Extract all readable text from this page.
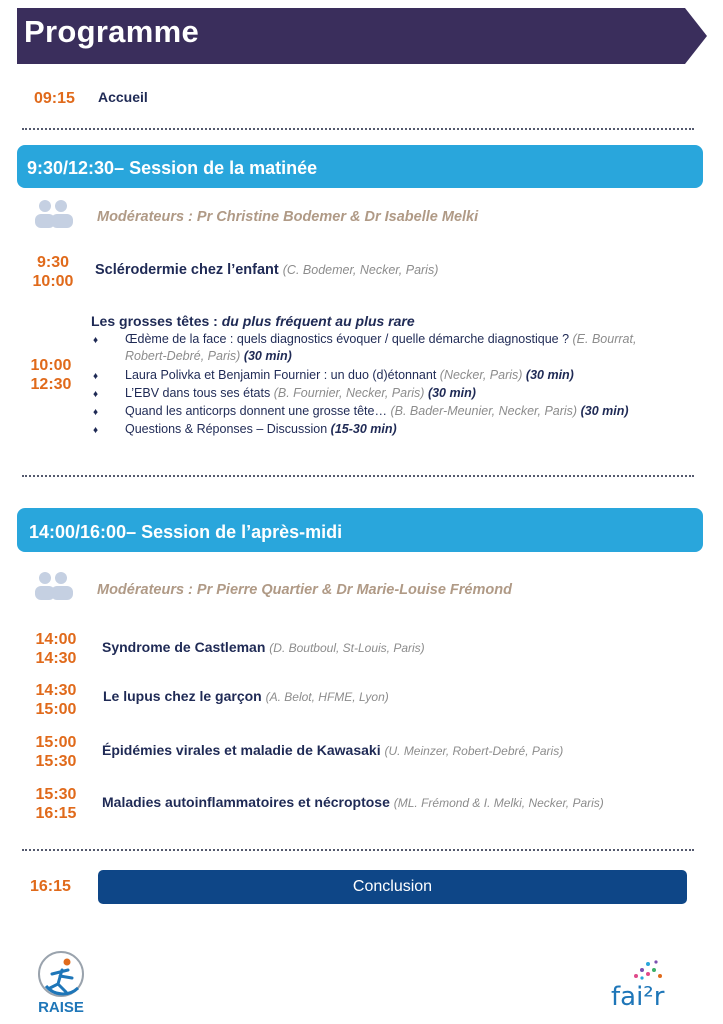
Programme
09:15 Accueil
9:30/12:30– Session de la matinée
Modérateurs : Pr Christine Bodemer & Dr Isabelle Melki
9:30
10:00
Sclérodermie chez l’enfant (C. Bodemer, Necker, Paris)
10:00
12:30
Les grosses têtes : du plus fréquent au plus rare
♦ Œdème de la face : quels diagnostics évoquer / quelle démarche diagnostique ? (E. Bourrat,
Robert-Debré, Paris) (30 min)
♦ Laura Polivka et Benjamin Fournier : un duo (d)étonnant (Necker, Paris) (30 min)
♦ L’EBV dans tous ses états (B. Fournier, Necker, Paris) (30 min)
♦ Quand les anticorps donnent une grosse tête… (B. Bader-Meunier, Necker, Paris) (30 min)
♦ Questions & Réponses – Discussion (15-30 min)
14:00/16:00– Session de l’après-midi
Modérateurs : Pr Pierre Quartier & Dr Marie-Louise Frémond
14:00
14:30
Syndrome de Castleman (D. Boutboul, St-Louis, Paris)
14:30
15:00
Le lupus chez le garçon (A. Belot, HFME, Lyon)
15:00
15:30
Épidémies virales et maladie de Kawasaki (U. Meinzer, Robert-Debré, Paris)
15:30
16:15
Maladies autoinflammatoires et nécroptose (ML. Frémond & I. Melki, Necker, Paris)
16:15	Conclusion
RAISE	fai²r
